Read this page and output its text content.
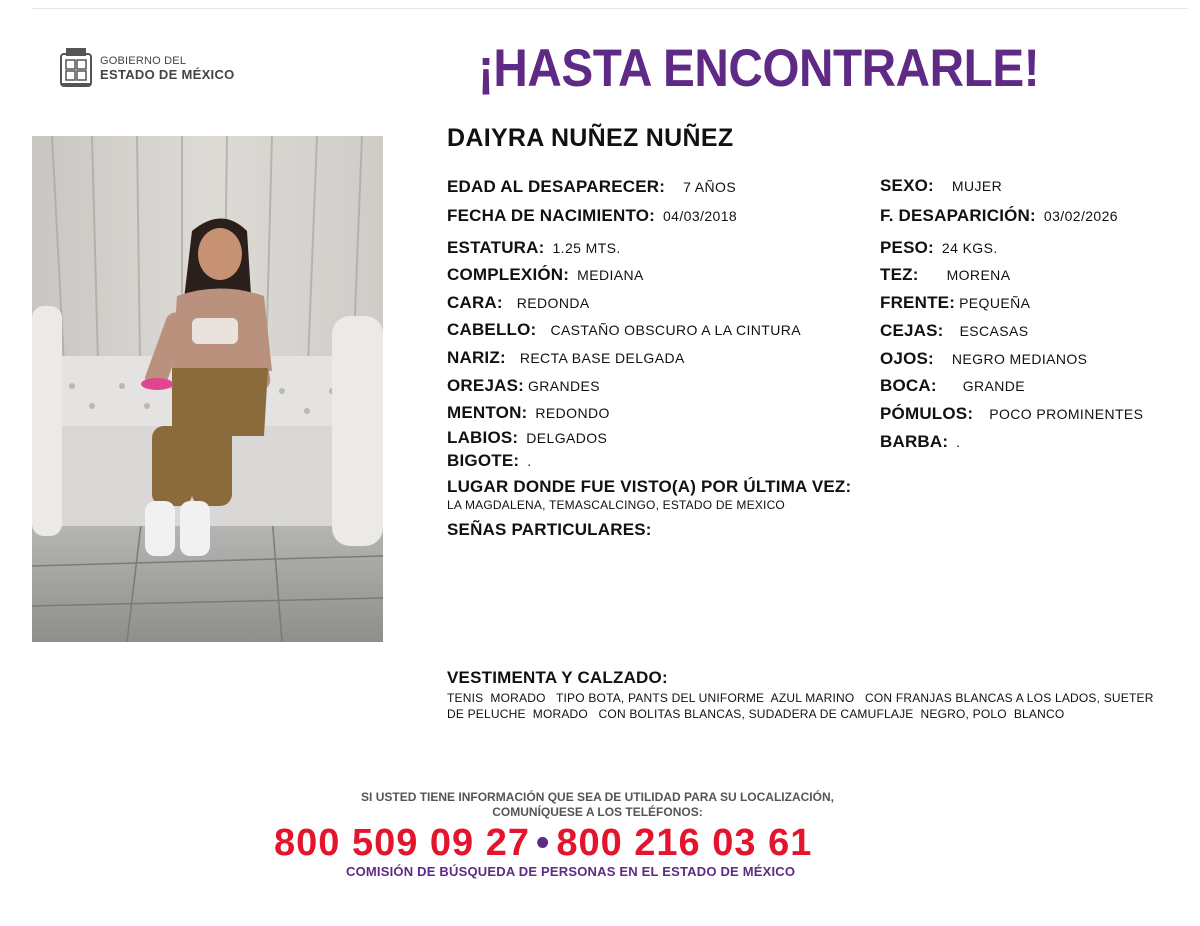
GOBIERNO DEL
ESTADO DE MÉXICO	¡HASTA ENCONTRARLE!
DAIYRA NUÑEZ NUÑEZ
EDAD AL DESAPARECER: 7 AÑOS
FECHA DE NACIMIENTO: 04/03/2018
ESTATURA: 1.25 MTS.
COMPLEXIÓN: MEDIANA
CARA: REDONDA
CABELLO: CASTAÑO OBSCURO A LA CINTURA
NARIZ: RECTA BASE DELGADA
OREJAS: GRANDES
MENTON: REDONDO
LABIOS: DELGADOS
BIGOTE: .
SEXO: MUJER
F. DESAPARICIÓN: 03/02/2026
PESO: 24 KGS.
TEZ: MORENA
FRENTE: PEQUEÑA
CEJAS: ESCASAS
OJOS: NEGRO MEDIANOS
BOCA: GRANDE
PÓMULOS: POCO PROMINENTES
BARBA: .
LUGAR DONDE FUE VISTO(A) POR ÚLTIMA VEZ:
LA MAGDALENA, TEMASCALCINGO, ESTADO DE MEXICO
SEÑAS PARTICULARES:
VESTIMENTA Y CALZADO:
TENIS  MORADO   TIPO BOTA, PANTS DEL UNIFORME  AZUL MARINO   CON FRANJAS BLANCAS A LOS LADOS, SUETER DE PELUCHE  MORADO   CON BOLITAS BLANCAS, SUDADERA DE CAMUFLAJE  NEGRO, POLO  BLANCO
SI USTED TIENE INFORMACIÓN QUE SEA DE UTILIDAD PARA SU LOCALIZACIÓN,
COMUNÍQUESE A LOS TELÉFONOS:
800 509 09 27 • 800 216 03 61
COMISIÓN DE BÚSQUEDA DE PERSONAS EN EL ESTADO DE MÉXICO
